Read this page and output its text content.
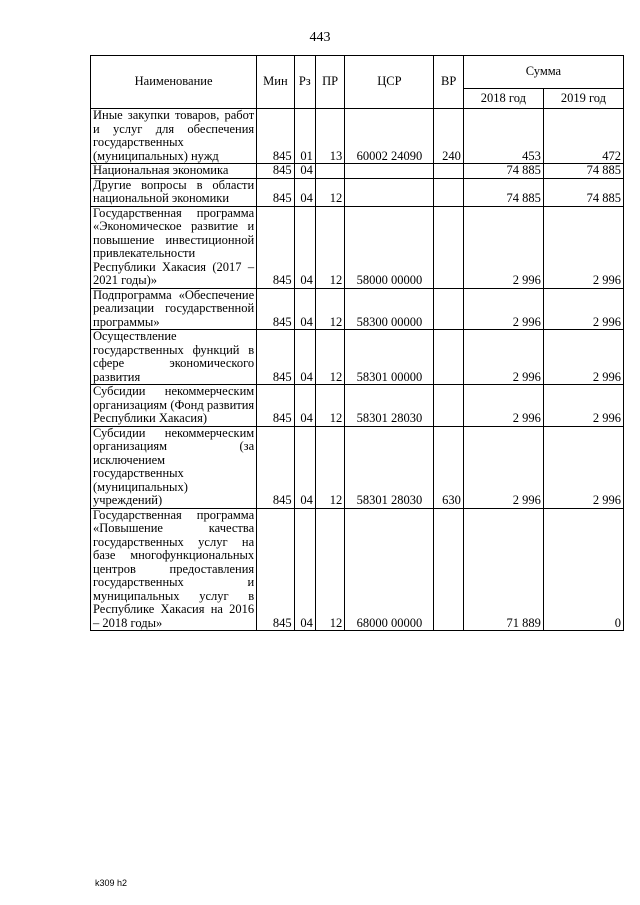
443
Наименование	Мин	Рз	ПР	ЦСР	ВР	Сумма	
						2018 год	2019 год
Иные закупки товаров, работ и услуг для обеспечения государственных (муниципальных) нужд	845	01	13	60002 24090	240	453	472
Национальная экономика	845	04				74 885	74 885
Другие вопросы в области национальной экономики	845	04	12			74 885	74 885
Государственная программа «Экономическое развитие и повышение инвестиционной привлекательности Республики Хакасия (2017 – 2021 годы)»	845	04	12	58000 00000		2 996	2 996
Подпрограмма «Обеспечение реализации государственной программы»	845	04	12	58300 00000		2 996	2 996
Осуществление государственных функций в сфере экономического развития	845	04	12	58301 00000		2 996	2 996
Субсидии некоммерческим организациям (Фонд развития Республики Хакасия)	845	04	12	58301 28030		2 996	2 996
Субсидии некоммерческим организациям (за исключением государственных (муниципальных) учреждений)	845	04	12	58301 28030	630	2 996	2 996
Государственная программа «Повышение качества государственных услуг на базе многофункциональных центров предоставления государственных и муниципальных услуг в Республике Хакасия на 2016 – 2018 годы»	845	04	12	68000 00000		71 889	0
k309 h2
